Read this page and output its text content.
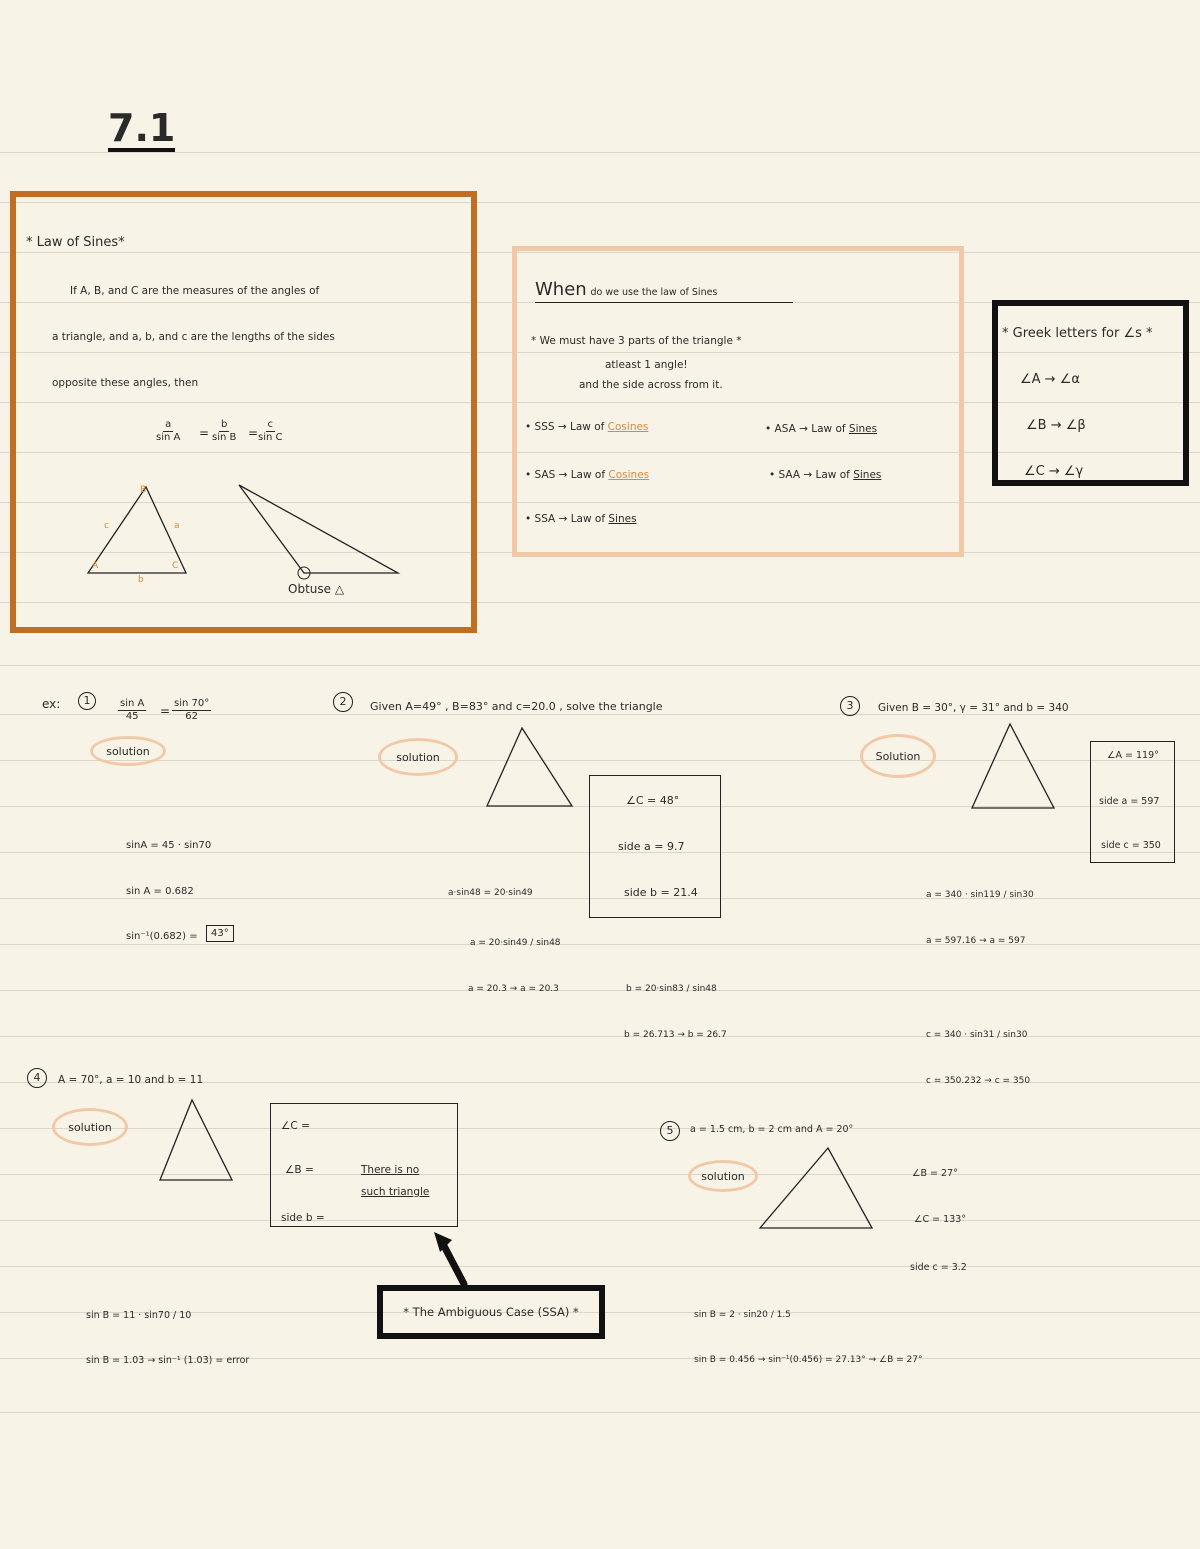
7.1
* Law of Sines*
If A, B, and C are the measures of the angles of
a triangle, and a, b, and c are the lengths of the sides
opposite these angles, then
$\frac{a}{\text{sin A}} = \frac{b}{\text{sin B}} = \frac{c}{\text{sin C}}$
A
B
C
a
b
c
Obtuse △
When do we use the law of Sines
* We must have 3 parts of the triangle *
atleast 1 angle!
and the side across from it.
• SSS → Law of Cosines
• SAS → Law of Cosines
• SSA → Law of Sines
• ASA → Law of Sines
• SAA → Law of Sines
* Greek letters for ∠s *
∠A → ∠α
∠B → ∠β
∠C → ∠γ
ex:	1	$\frac{\text{sin A}}{45} = \frac{\sin 70^\circ}{62}$
solution
sinA = 45 · sin70
sin A = 0.682
sin⁻¹(0.682) =	43°
2	Given A=49° , B=83° and c=20.0 , solve the triangle
solution
∠C = 48°
side a = 9.7
side b = 21.4
a·sin48 = 20·sin49
a = 20·sin49 / sin48
a = 20.3 → a = 20.3	b = 20·sin83 / sin48
b = 26.713 → b = 26.7
3	Given B = 30°, γ = 31° and b = 340
Solution	∠A = 119°
side a = 597
side c = 350
a = 340 · sin119 / sin30
a = 597.16 → a = 597
c = 340 · sin31 / sin30
c = 350.232 → c = 350
4	A = 70°, a = 10 and b = 11
solution	∠C =
∠B =
side b =
There is no
such triangle
sin B = 11 · sin70 / 10
sin B = 1.03 → sin⁻¹ (1.03) = error
* The Ambiguous Case (SSA) *
5	a = 1.5 cm, b = 2 cm and A = 20°
solution	∠B = 27°
∠C = 133°
side c = 3.2
sin B = 2 · sin20 / 1.5
sin B = 0.456 → sin⁻¹(0.456) = 27.13° → ∠B = 27°
